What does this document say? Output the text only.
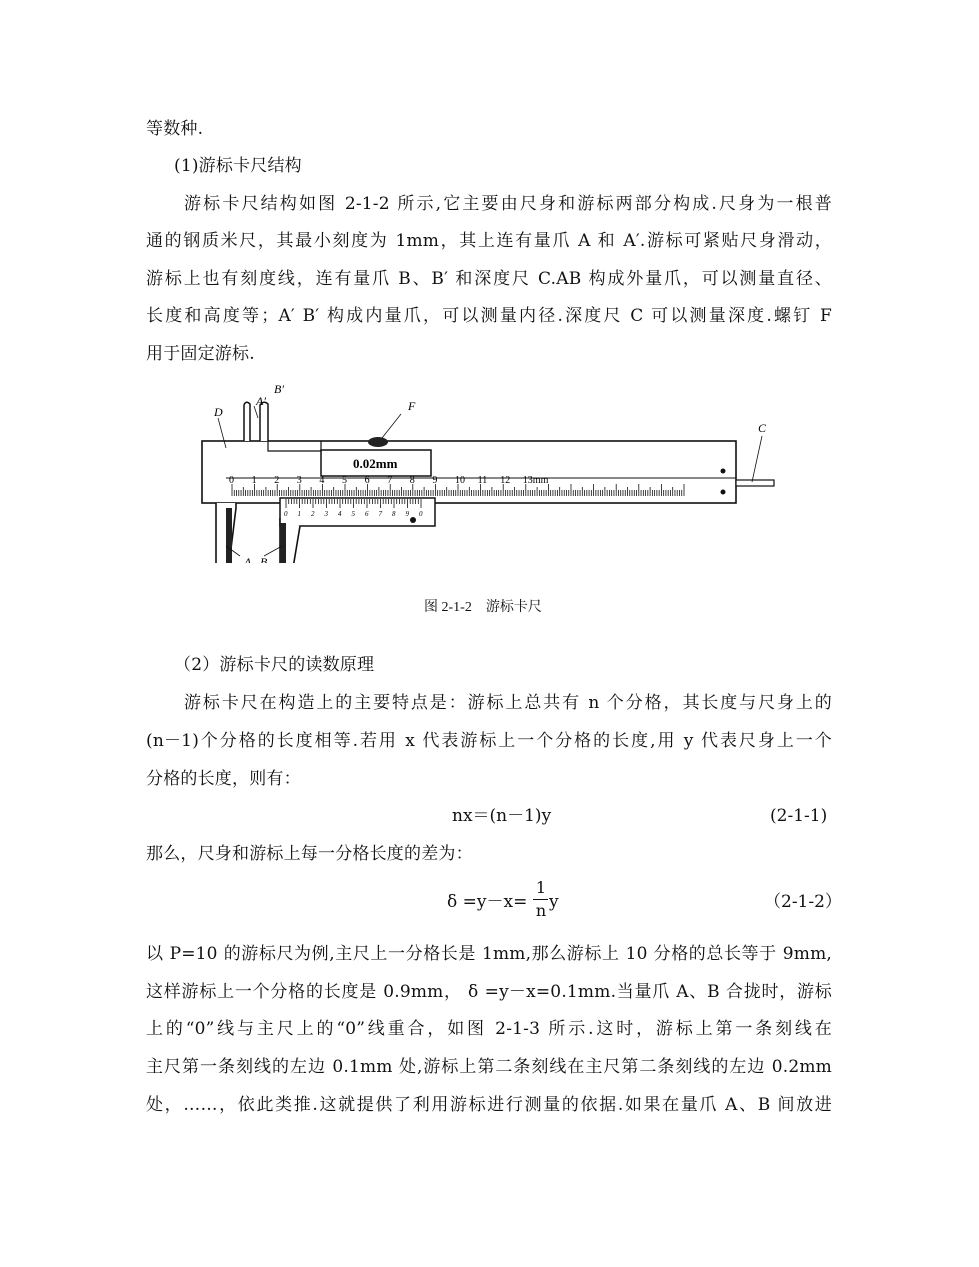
等数种.
(1)游标卡尺结构
游标卡尺结构如图 2-1-2 所示,它主要由尺身和游标两部分构成.尺身为一根普
通的钢质米尺，其最小刻度为 1mm，其上连有量爪 A 和 A′.游标可紧贴尺身滑动，
游标上也有刻度线，连有量爪 B、B′ 和深度尺 C.AB 构成外量爪，可以测量直径、
长度和高度等；A′ B′ 构成内量爪，可以测量内径.深度尺 C 可以测量深度.螺钉 F
用于固定游标.
B′
A′
D	F
C
A B
0.02mm
0 1 2 3 4 5 6 7 8 9 10 11 12 13mm
0 1 2 3 4 5 6 7 8 9 0
图 2-1-2　游标卡尺
（2）游标卡尺的读数原理
游标卡尺在构造上的主要特点是：游标上总共有 n 个分格，其长度与尺身上的
(n－1)个分格的长度相等.若用 x 代表游标上一个分格的长度,用 y 代表尺身上一个
分格的长度，则有：
nx＝(n－1)y	(2-1-1)
那么，尺身和游标上每一分格长度的差为：
δ =y－x=
1
n y	（2-1-2）
以 P=10 的游标尺为例,主尺上一分格长是 1mm,那么游标上 10 分格的总长等于 9mm,
这样游标上一个分格的长度是 0.9mm， δ =y－x=0.1mm.当量爪 A、B 合拢时，游标
上的“0”线与主尺上的“0”线重合，如图 2-1-3 所示.这时，游标上第一条刻线在
主尺第一条刻线的左边 0.1mm 处,游标上第二条刻线在主尺第二条刻线的左边 0.2mm
处，……，依此类推.这就提供了利用游标进行测量的依据.如果在量爪 A、B 间放进
